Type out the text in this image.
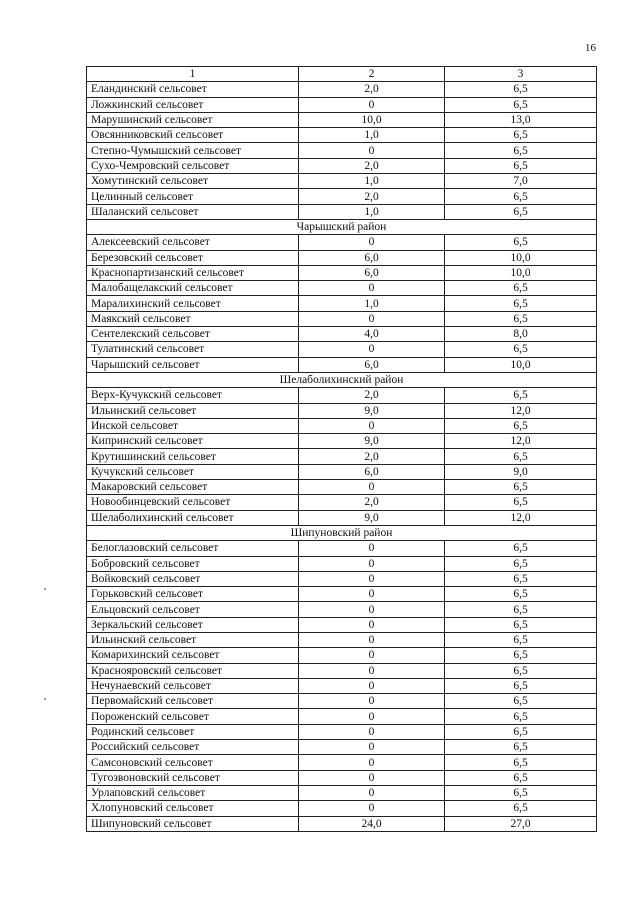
16
1	2	3
Еландинский сельсовет	2,0	6,5
Ложкинский сельсовет	0	6,5
Марушинский сельсовет	10,0	13,0
Овсянниковский сельсовет	1,0	6,5
Степно-Чумышский сельсовет	0	6,5
Сухо-Чемровский сельсовет	2,0	6,5
Хомутинский сельсовет	1,0	7,0
Целинный сельсовет	2,0	6,5
Шаланский сельсовет	1,0	6,5
Чарышский район		
Алексеевский сельсовет	0	6,5
Березовский сельсовет	6,0	10,0
Краснопартизанский сельсовет	6,0	10,0
Малобащелакский сельсовет	0	6,5
Маралихинский сельсовет	1,0	6,5
Маякский сельсовет	0	6,5
Сентелекский сельсовет	4,0	8,0
Тулатинский сельсовет	0	6,5
Чарышский сельсовет	6,0	10,0
Шелаболихинский район		
Верх-Кучукский сельсовет	2,0	6,5
Ильинский сельсовет	9,0	12,0
Инской сельсовет	0	6,5
Кипринский сельсовет	9,0	12,0
Крутишинский сельсовет	2,0	6,5
Кучукский сельсовет	6,0	9,0
Макаровский сельсовет	0	6,5
Новообинцевский сельсовет	2,0	6,5
Шелаболихинский сельсовет	9,0	12,0
Шипуновский район		
Белоглазовский сельсовет	0	6,5
Бобровский сельсовет	0	6,5
Войковский сельсовет	0	6,5
Горьковский сельсовет	0	6,5
Ельцовский сельсовет	0	6,5
Зеркальский сельсовет	0	6,5
Ильинский сельсовет	0	6,5
Комарихинский сельсовет	0	6,5
Краснояровский сельсовет	0	6,5
Нечунаевский сельсовет	0	6,5
Первомайский сельсовет	0	6,5
Пороженский сельсовет	0	6,5
Родинский сельсовет	0	6,5
Российский сельсовет	0	6,5
Самсоновский сельсовет	0	6,5
Тугозвоновский сельсовет	0	6,5
Урлаповский сельсовет	0	6,5
Хлопуновский сельсовет	0	6,5
Шипуновский сельсовет	24,0	27,0
